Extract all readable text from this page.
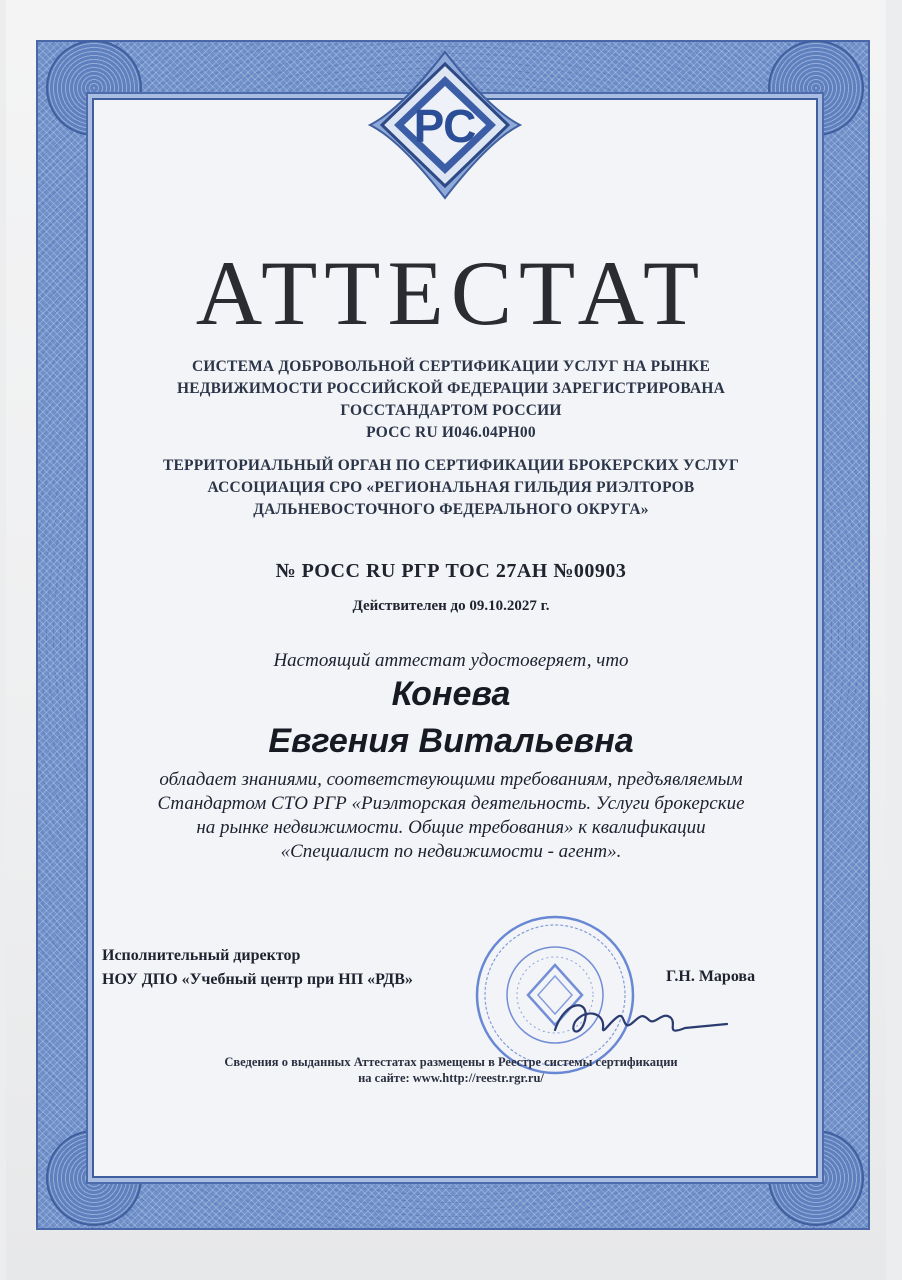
РС
АТТЕСТАТ
СИСТЕМА ДОБРОВОЛЬНОЙ СЕРТИФИКАЦИИ УСЛУГ НА РЫНКЕ
НЕДВИЖИМОСТИ РОССИЙСКОЙ ФЕДЕРАЦИИ ЗАРЕГИСТРИРОВАНА
ГОССТАНДАРТОМ РОССИИ
РОСС RU И046.04РН00
ТЕРРИТОРИАЛЬНЫЙ ОРГАН ПО СЕРТИФИКАЦИИ БРОКЕРСКИХ УСЛУГ
АССОЦИАЦИЯ СРО «РЕГИОНАЛЬНАЯ ГИЛЬДИЯ РИЭЛТОРОВ
ДАЛЬНЕВОСТОЧНОГО ФЕДЕРАЛЬНОГО ОКРУГА»
№ РОСС RU РГР ТОС 27АН №00903
Действителен до 09.10.2027 г.
Настоящий аттестат удостоверяет, что
Конева
Евгения Витальевна
обладает знаниями, соответствующими требованиям, предъявляемым
Стандартом СТО РГР «Риэлторская деятельность. Услуги брокерские
на рынке недвижимости. Общие требования» к квалификации
«Специалист по недвижимости - агент».
Исполнительный директор
НОУ ДПО «Учебный центр при НП «РДВ»	Г.Н. Марова
Сведения о выданных Аттестатах размещены в Реестре системы сертификации
на сайте: www.http://reestr.rgr.ru/
